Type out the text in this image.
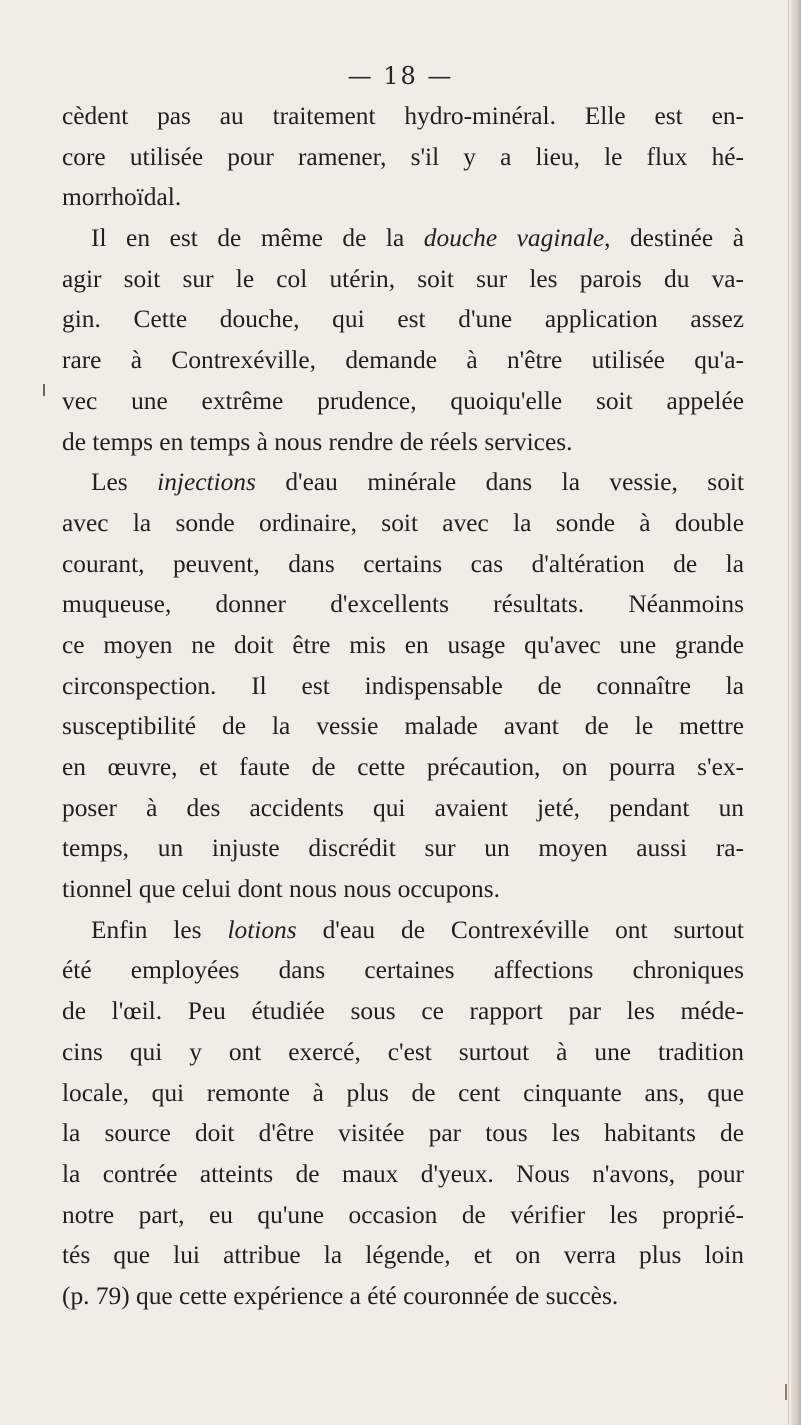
— 18 —
cèdent pas au traitement hydro-minéral. Elle est en-
core utilisée pour ramener, s'il y a lieu, le flux hé-
morrhoïdal.
Il en est de même de la douche vaginale, destinée à
agir soit sur le col utérin, soit sur les parois du va-
gin. Cette douche, qui est d'une application assez
rare à Contrexéville, demande à n'être utilisée qu'a-
vec une extrême prudence, quoiqu'elle soit appelée
de temps en temps à nous rendre de réels services.
Les injections d'eau minérale dans la vessie, soit
avec la sonde ordinaire, soit avec la sonde à double
courant, peuvent, dans certains cas d'altération de la
muqueuse, donner d'excellents résultats. Néanmoins
ce moyen ne doit être mis en usage qu'avec une grande
circonspection. Il est indispensable de connaître la
susceptibilité de la vessie malade avant de le mettre
en œuvre, et faute de cette précaution, on pourra s'ex-
poser à des accidents qui avaient jeté, pendant un
temps, un injuste discrédit sur un moyen aussi ra-
tionnel que celui dont nous nous occupons.
Enfin les lotions d'eau de Contrexéville ont surtout
été employées dans certaines affections chroniques
de l'œil. Peu étudiée sous ce rapport par les méde-
cins qui y ont exercé, c'est surtout à une tradition
locale, qui remonte à plus de cent cinquante ans, que
la source doit d'être visitée par tous les habitants de
la contrée atteints de maux d'yeux. Nous n'avons, pour
notre part, eu qu'une occasion de vérifier les proprié-
tés que lui attribue la légende, et on verra plus loin
(p. 79) que cette expérience a été couronnée de succès.
